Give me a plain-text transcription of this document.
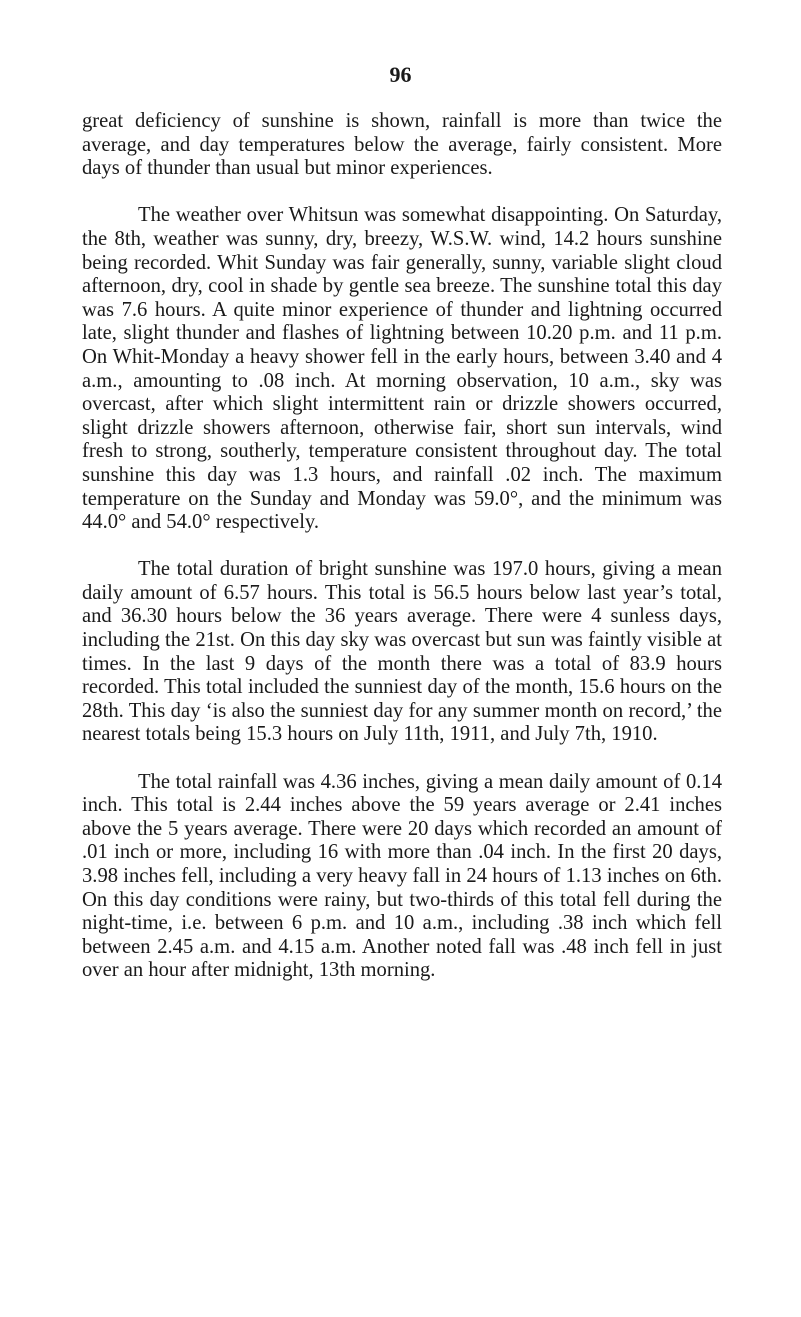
96

great deficiency of sunshine is shown, rainfall is more than twice the average, and day temperatures below the average, fairly consistent. More days of thunder than usual but minor experiences.

The weather over Whitsun was somewhat disappointing. On Saturday, the 8th, weather was sunny, dry, breezy, W.S.W. wind, 14.2 hours sunshine being recorded. Whit Sunday was fair generally, sunny, variable slight cloud afternoon, dry, cool in shade by gentle sea breeze. The sunshine total this day was 7.6 hours. A quite minor experience of thunder and lightning occurred late, slight thunder and flashes of lightning between 10.20 p.m. and 11 p.m. On Whit-Monday a heavy shower fell in the early hours, between 3.40 and 4 a.m., amounting to .08 inch. At morning observation, 10 a.m., sky was overcast, after which slight intermittent rain or drizzle showers occurred, slight drizzle showers afternoon, otherwise fair, short sun intervals, wind fresh to strong, southerly, temperature consistent throughout day. The total sunshine this day was 1.3 hours, and rainfall .02 inch. The maximum temperature on the Sunday and Monday was 59.0°, and the minimum was 44.0° and 54.0° respectively.

The total duration of bright sunshine was 197.0 hours, giving a mean daily amount of 6.57 hours. This total is 56.5 hours below last year’s total, and 36.30 hours below the 36 years average. There were 4 sunless days, including the 21st. On this day sky was overcast but sun was faintly visible at times. In the last 9 days of the month there was a total of 83.9 hours recorded. This total included the sunniest day of the month, 15.6 hours on the 28th. This day ‘is also the sunniest day for any summer month on record,’ the nearest totals being 15.3 hours on July 11th, 1911, and July 7th, 1910.

The total rainfall was 4.36 inches, giving a mean daily amount of 0.14 inch. This total is 2.44 inches above the 59 years average or 2.41 inches above the 5 years average. There were 20 days which recorded an amount of .01 inch or more, including 16 with more than .04 inch. In the first 20 days, 3.98 inches fell, including a very heavy fall in 24 hours of 1.13 inches on 6th. On this day conditions were rainy, but two-thirds of this total fell during the night-time, i.e. between 6 p.m. and 10 a.m., including .38 inch which fell between 2.45 a.m. and 4.15 a.m. Another noted fall was .48 inch fell in just over an hour after midnight, 13th morning.
